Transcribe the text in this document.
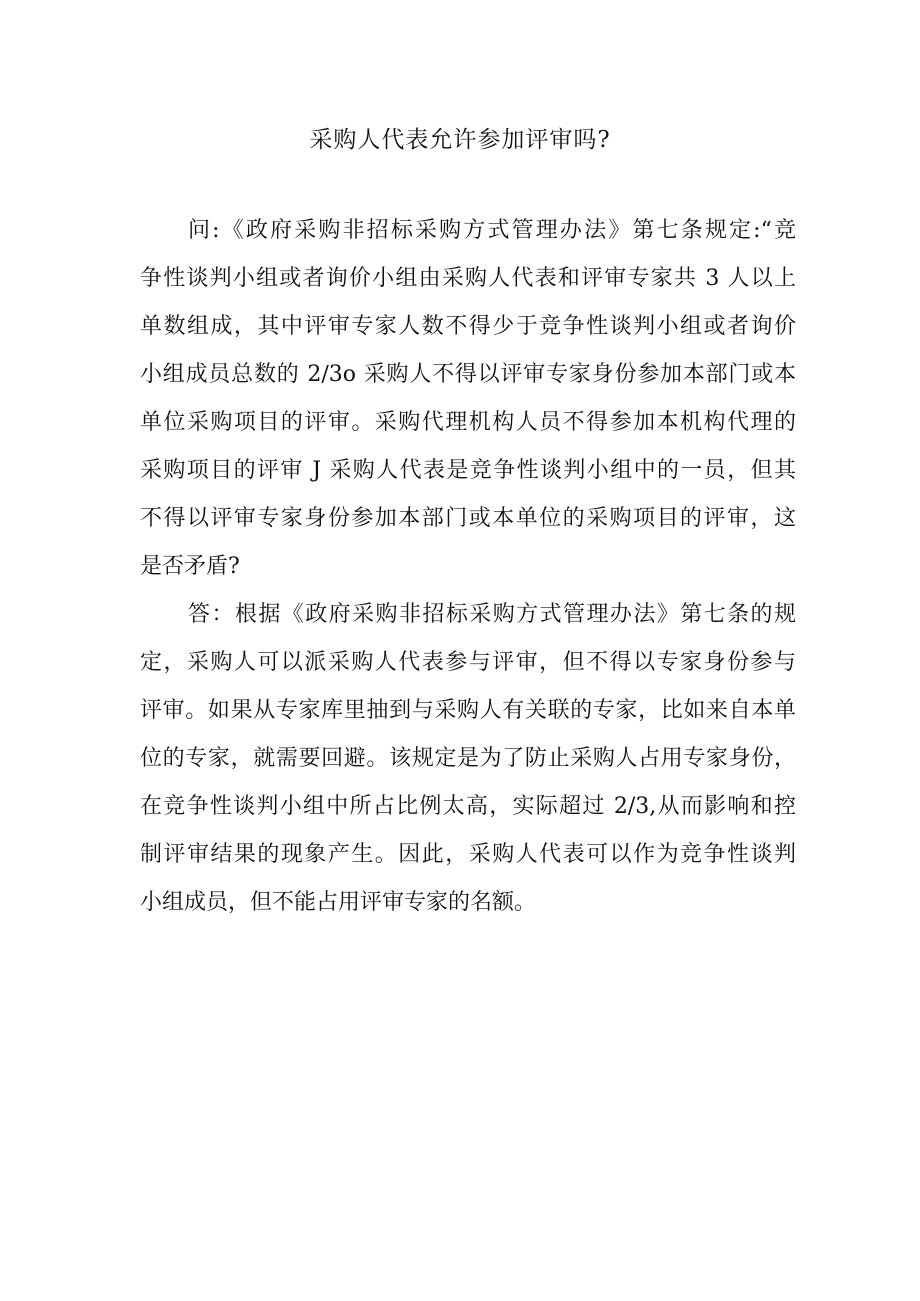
采购人代表允许参加评审吗?
问:《政府采购非招标采购方式管理办法》第七条规定:“竞
争性谈判小组或者询价小组由采购人代表和评审专家共 3 人以上
单数组成，其中评审专家人数不得少于竞争性谈判小组或者询价
小组成员总数的 2∕3o 采购人不得以评审专家身份参加本部门或本
单位采购项目的评审。采购代理机构人员不得参加本机构代理的
采购项目的评审 J 采购人代表是竞争性谈判小组中的一员，但其
不得以评审专家身份参加本部门或本单位的采购项目的评审，这
是否矛盾?
答：根据《政府采购非招标采购方式管理办法》第七条的规
定，采购人可以派采购人代表参与评审，但不得以专家身份参与
评审。如果从专家库里抽到与采购人有关联的专家，比如来自本单
位的专家，就需要回避。该规定是为了防止采购人占用专家身份，
在竞争性谈判小组中所占比例太高，实际超过 2/3,从而影响和控
制评审结果的现象产生。因此，采购人代表可以作为竞争性谈判
小组成员，但不能占用评审专家的名额。
